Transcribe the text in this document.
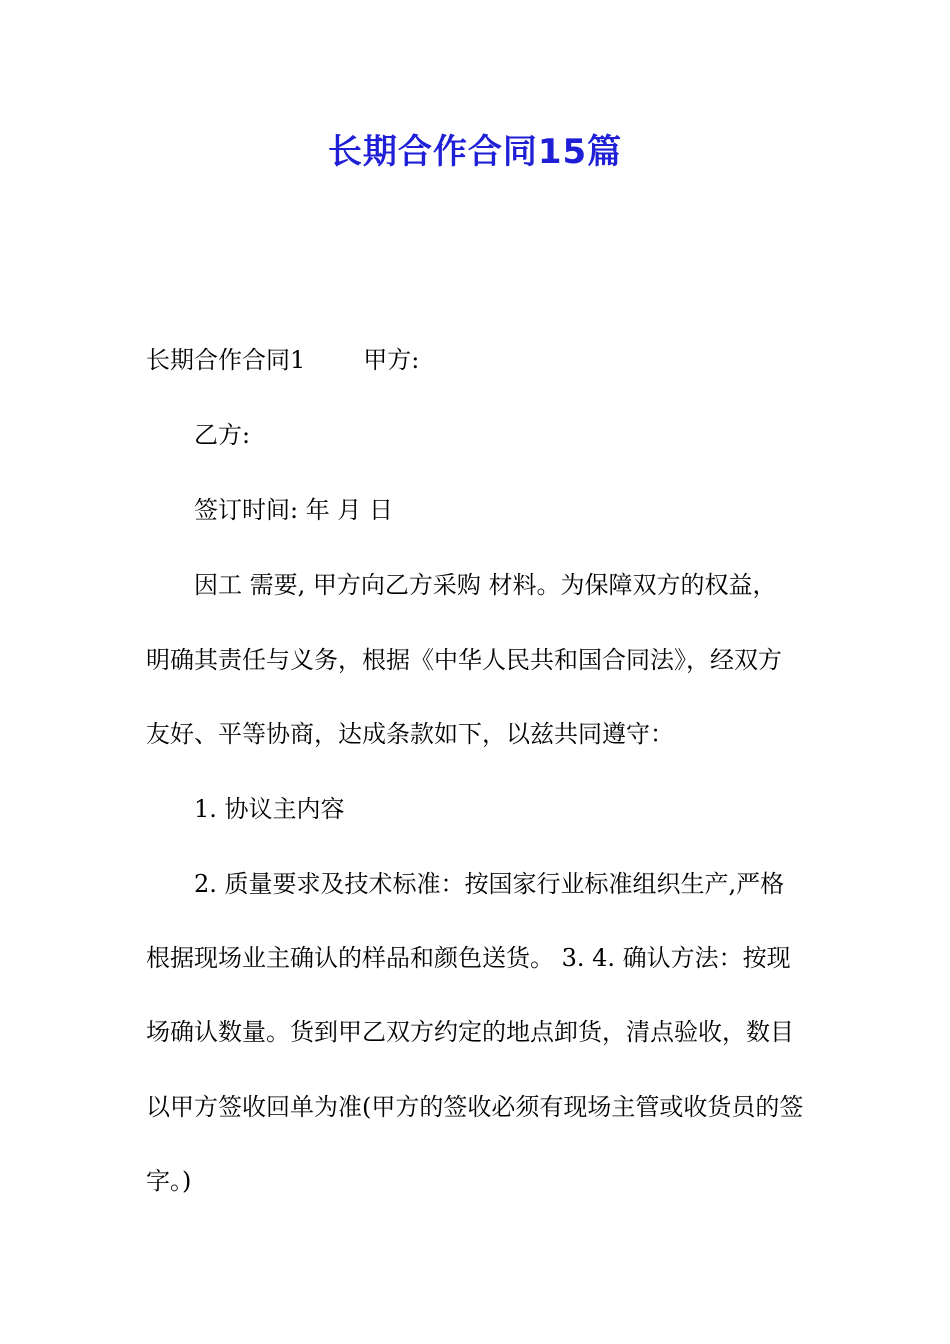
长期合作合同15篇

长期合作合同1 甲方:

乙方:

签订时间: 年 月 日

因工 需要, 甲方向乙方采购 材料。为保障双方的权益，

明确其责任与义务，根据《中华人民共和国合同法》，经双方

友好、平等协商，达成条款如下，以兹共同遵守：

1. 协议主内容

2. 质量要求及技术标准：按国家行业标准组织生产,严格

根据现场业主确认的样品和颜色送货。 3. 4. 确认方法：按现

场确认数量。货到甲乙双方约定的地点卸货，清点验收，数目

以甲方签收回单为准(甲方的签收必须有现场主管或收货员的签

字。)
